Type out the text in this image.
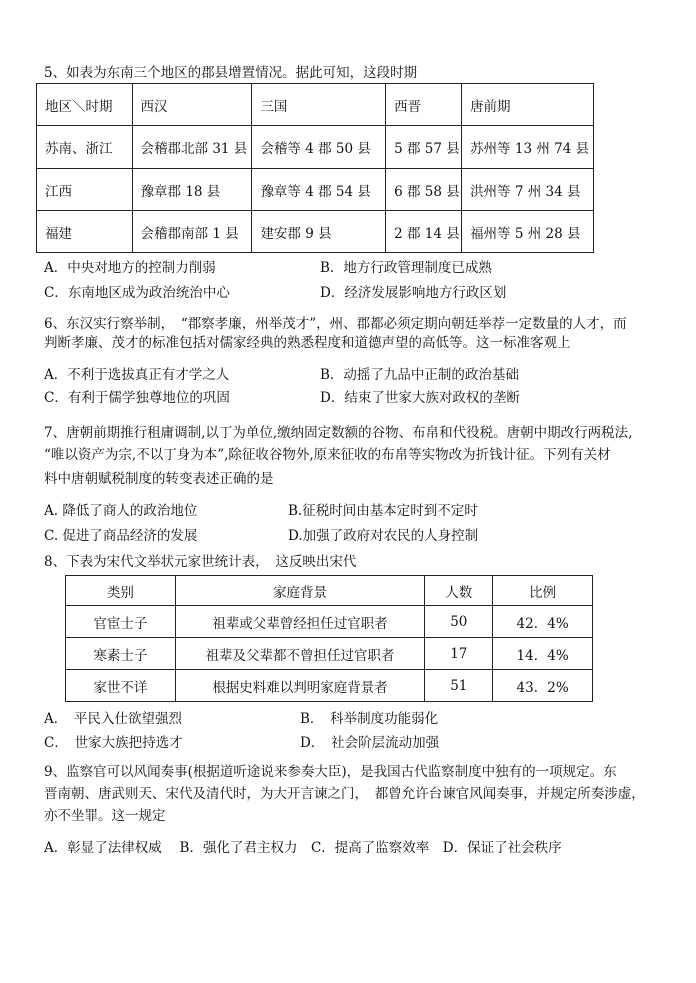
5、如表为东南三个地区的郡县增置情况。据此可知，这段时期
地区＼时期	西汉	三国	西晋	唐前期
苏南、浙江	会稽郡北部 31 县	会稽等 4 郡 50 县	5 郡 57 县	苏州等 13 州 74 县
江西	豫章郡 18 县	豫章等 4 郡 54 县	6 郡 58 县	洪州等 7 州 34 县
福建	会稽郡南部 1 县	建安郡 9 县	2 郡 14 县	福州等 5 州 28 县
A．中央对地方的控制力削弱	B．地方行政管理制度已成熟
C．东南地区成为政治统治中心	D．经济发展影响地方行政区划
6、东汉实行察举制，　“郡察孝廉，州举茂才”，州、郡都必须定期向朝廷举荐一定数量的人才，而
判断孝廉、茂才的标准包括对儒家经典的熟悉程度和道德声望的高低等。这一标准客观上
A．不利于选拔真正有才学之人	B．动摇了九品中正制的政治基础
C．有利于儒学独尊地位的巩固	D．结束了世家大族对政权的垄断
7、唐朝前期推行租庸调制,以丁为单位,缴纳固定数额的谷物、布帛和代役税。唐朝中期改行两税法,
“唯以资产为宗,不以丁身为本”,除征收谷物外,原来征收的布帛等实物改为折钱计征。下列有关材
料中唐朝赋税制度的转变表述正确的是
A. 降低了商人的政治地位	B.征税时间由基本定时到不定时
C. 促进了商品经济的发展	D.加强了政府对农民的人身控制
8、下表为宋代文举状元家世统计表，　这反映出宋代
类别	家庭背景	人数	比例
官宦士子	祖辈或父辈曾经担任过官职者	50	42．4%
寒素士子	祖辈及父辈都不曾担任过官职者	17	14．4%
家世不详	根据史料难以判明家庭背景者	51	43．2%
A．　平民入仕欲望强烈	B．　科举制度功能弱化
C．　世家大族把持选才	D．　社会阶层流动加强
9、监察官可以风闻奏事(根据道听途说来参奏大臣)，是我国古代监察制度中独有的一项规定。东
晋南朝、唐武则天、宋代及清代时，为大开言谏之门，　都曾允许台谏官风闻奏事，并规定所奏涉虚，
亦不坐罪。这一规定
A．彰显了法律权威　 B．强化了君主权力　C．提高了监察效率　D．保证了社会秩序
